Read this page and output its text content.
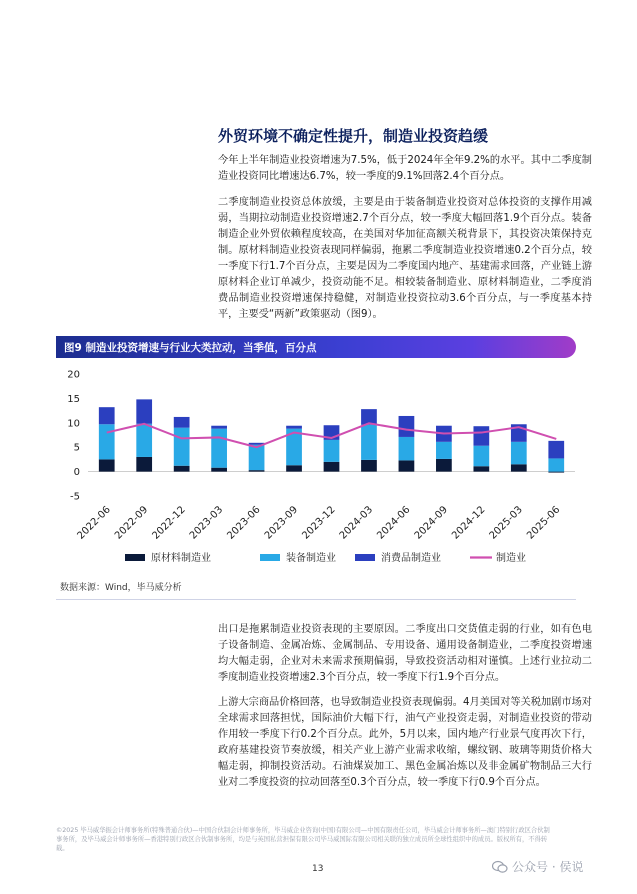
外贸环境不确定性提升，制造业投资趋缓

今年上半年制造业投资增速为7.5%，低于2024年全年9.2%的水平。其中二季度制造业投资同比增速达6.7%，较一季度的9.1%回落2.4个百分点。

二季度制造业投资总体放缓，主要是由于装备制造业投资对总体投资的支撑作用减弱，当期拉动制造业投资增速2.7个百分点，较一季度大幅回落1.9个百分点。装备制造企业外贸依赖程度较高，在美国对华加征高额关税背景下，其投资决策保持克制。原材料制造业投资表现同样偏弱，拖累二季度制造业投资增速0.2个百分点，较一季度下行1.7个百分点，主要是因为二季度国内地产、基建需求回落，产业链上游原材料企业订单减少，投资动能不足。相较装备制造业、原材料制造业，二季度消费品制造业投资增速保持稳健，对制造业投资拉动3.6个百分点，与一季度基本持平，主要受“两新”政策驱动（图9）。

图9 制造业投资增速与行业大类拉动，当季值，百分点
-5
0
5
10
15
20
2022-06 2022-09 2022-12 2023-03 2023-06 2023-09 2023-12 2024-03 2024-06 2024-09 2024-12 2025-03 2025-06
原材料制造业	装备制造业	消费品制造业	制造业
数据来源：Wind，毕马威分析

出口是拖累制造业投资表现的主要原因。二季度出口交货值走弱的行业，如有色电子设备制造、金属冶炼、金属制品、专用设备、通用设备制造业，二季度投资增速均大幅走弱，企业对未来需求预期偏弱，导致投资活动相对谨慎。上述行业拉动二季度制造业投资增速2.3个百分点，较一季度下行1.9个百分点。

上游大宗商品价格回落，也导致制造业投资表现偏弱。4月美国对等关税加剧市场对全球需求回落担忧，国际油价大幅下行，油气产业投资走弱，对制造业投资的带动作用较一季度下行0.2个百分点。此外，5月以来，国内地产行业景气度再次下行，政府基建投资节奏放缓，相关产业上游产业需求收缩，螺纹钢、玻璃等期货价格大幅走弱，抑制投资活动。石油煤炭加工、黑色金属冶炼以及非金属矿物制品三大行业对二季度投资的拉动回落至0.3个百分点，较一季度下行0.9个百分点。

©2025 毕马威华振会计师事务所(特殊普通合伙)—中国合伙制会计师事务所，毕马威企业咨询(中国)有限公司—中国有限责任公司，毕马威会计师事务所—澳门特别行政区合伙制事务所，及毕马威会计师事务所—香港特别行政区合伙制事务所，均是与英国私营担保有限公司毕马威国际有限公司相关联的独立成员所全球性组织中的成员。版权所有，不得转载。
13	公众号 · 侯说
